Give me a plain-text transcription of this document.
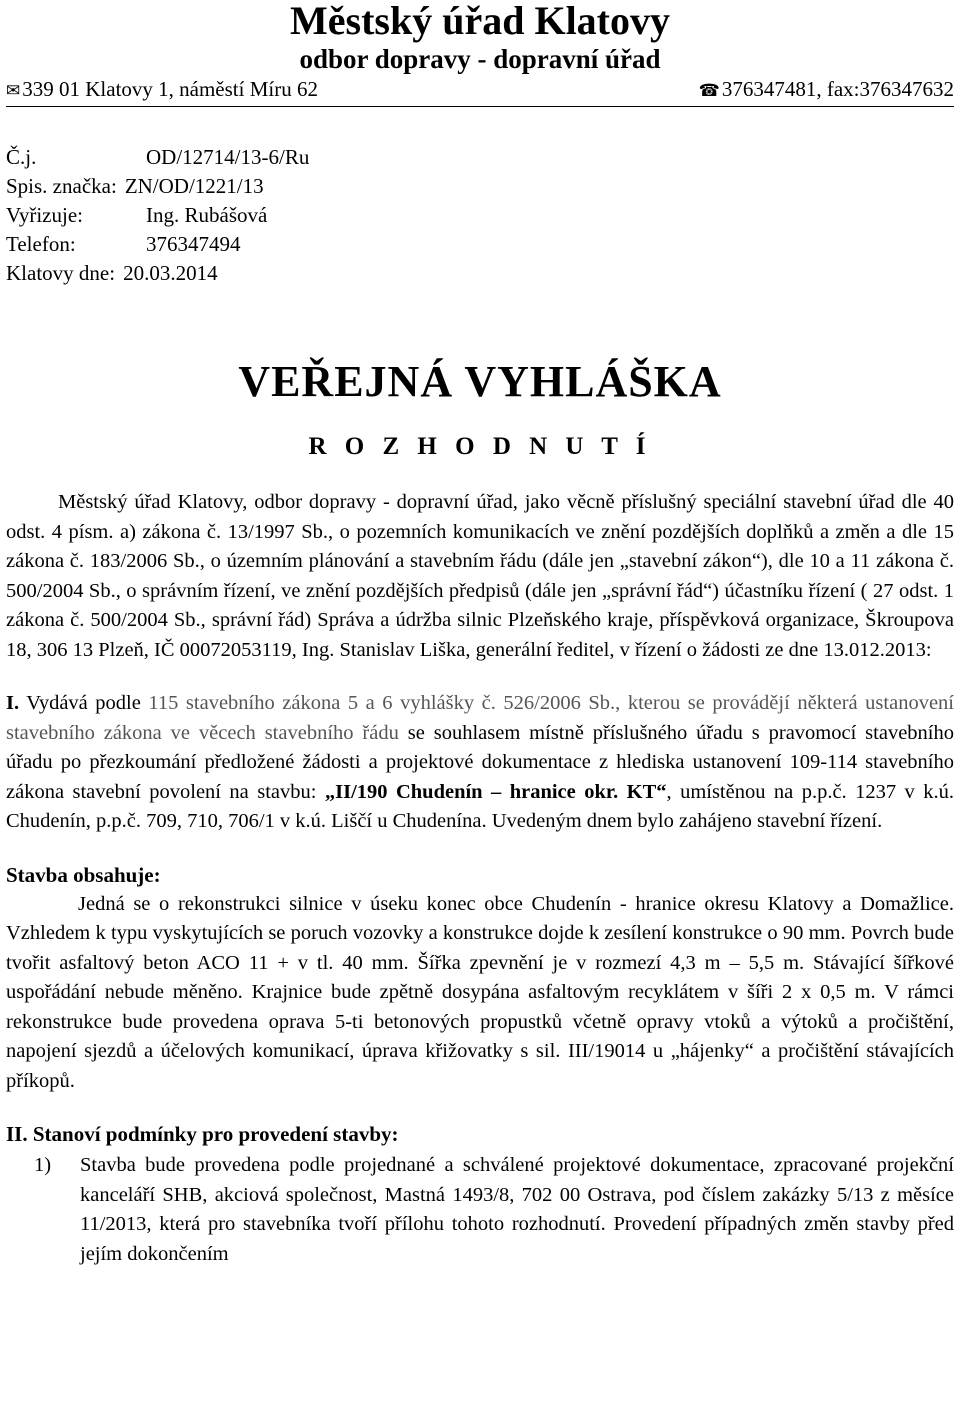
Městský úřad Klatovy
odbor dopravy - dopravní úřad
✉339 01 Klatovy 1, náměstí Míru 62	☎376347481, fax:376347632
Č.j.	OD/12714/13-6/Ru
Spis. značka: ZN/OD/1221/13
Vyřizuje:	Ing. Rubášová
Telefon:	376347494
Klatovy dne: 20.03.2014
VEŘEJNÁ VYHLÁŠKA
R O Z H O D N U T Í

Městský úřad Klatovy, odbor dopravy - dopravní úřad, jako věcně příslušný speciální stavební úřad dle 40 odst. 4 písm. a) zákona č. 13/1997 Sb., o pozemních komunikacích ve znění pozdějších doplňků a změn a dle 15 zákona č. 183/2006 Sb., o územním plánování a stavebním řádu (dále jen „stavební zákon“), dle 10 a 11 zákona č. 500/2004 Sb., o správním řízení, ve znění pozdějších předpisů (dále jen „správní řád“) účastníku řízení ( 27 odst. 1 zákona č. 500/2004 Sb., správní řád) Správa a údržba silnic Plzeňského kraje, příspěvková organizace, Škroupova 18, 306 13 Plzeň, IČ 00072053119, Ing. Stanislav Liška, generální ředitel, v řízení o žádosti ze dne 13.012.2013:

I. Vydává podle 115 stavebního zákona 5 a 6 vyhlášky č. 526/2006 Sb., kterou se provádějí některá ustanovení stavebního zákona ve věcech stavebního řádu se souhlasem místně příslušného úřadu s pravomocí stavebního úřadu po přezkoumání předložené žádosti a projektové dokumentace z hlediska ustanovení 109-114 stavebního zákona stavební povolení na stavbu: „II/190 Chudenín – hranice okr. KT“, umístěnou na p.p.č. 1237 v k.ú. Chudenín, p.p.č. 709, 710, 706/1 v k.ú. Liščí u Chudenína. Uvedeným dnem bylo zahájeno stavební řízení.

Stavba obsahuje:

Jedná se o rekonstrukci silnice v úseku konec obce Chudenín - hranice okresu Klatovy a Domažlice. Vzhledem k typu vyskytujících se poruch vozovky a konstrukce dojde k zesílení konstrukce o 90 mm. Povrch bude tvořit asfaltový beton ACO 11 + v tl. 40 mm. Šířka zpevnění je v rozmezí 4,3 m – 5,5 m. Stávající šířkové uspořádání nebude měněno. Krajnice bude zpětně dosypána asfaltovým recyklátem v šíři 2 x 0,5 m. V rámci rekonstrukce bude provedena oprava 5-ti betonových propustků včetně opravy vtoků a výtoků a pročištění, napojení sjezdů a účelových komunikací, úprava křižovatky s sil. III/19014 u „hájenky“ a pročištění stávajících příkopů.

II. Stanoví podmínky pro provedení stavby:
1)	Stavba bude provedena podle projednané a schválené projektové dokumentace, zpracované projekční kanceláří SHB, akciová společnost, Mastná 1493/8, 702 00 Ostrava, pod číslem zakázky 5/13 z měsíce 11/2013, která pro stavebníka tvoří přílohu tohoto rozhodnutí. Provedení případných změn stavby před jejím dokončením
